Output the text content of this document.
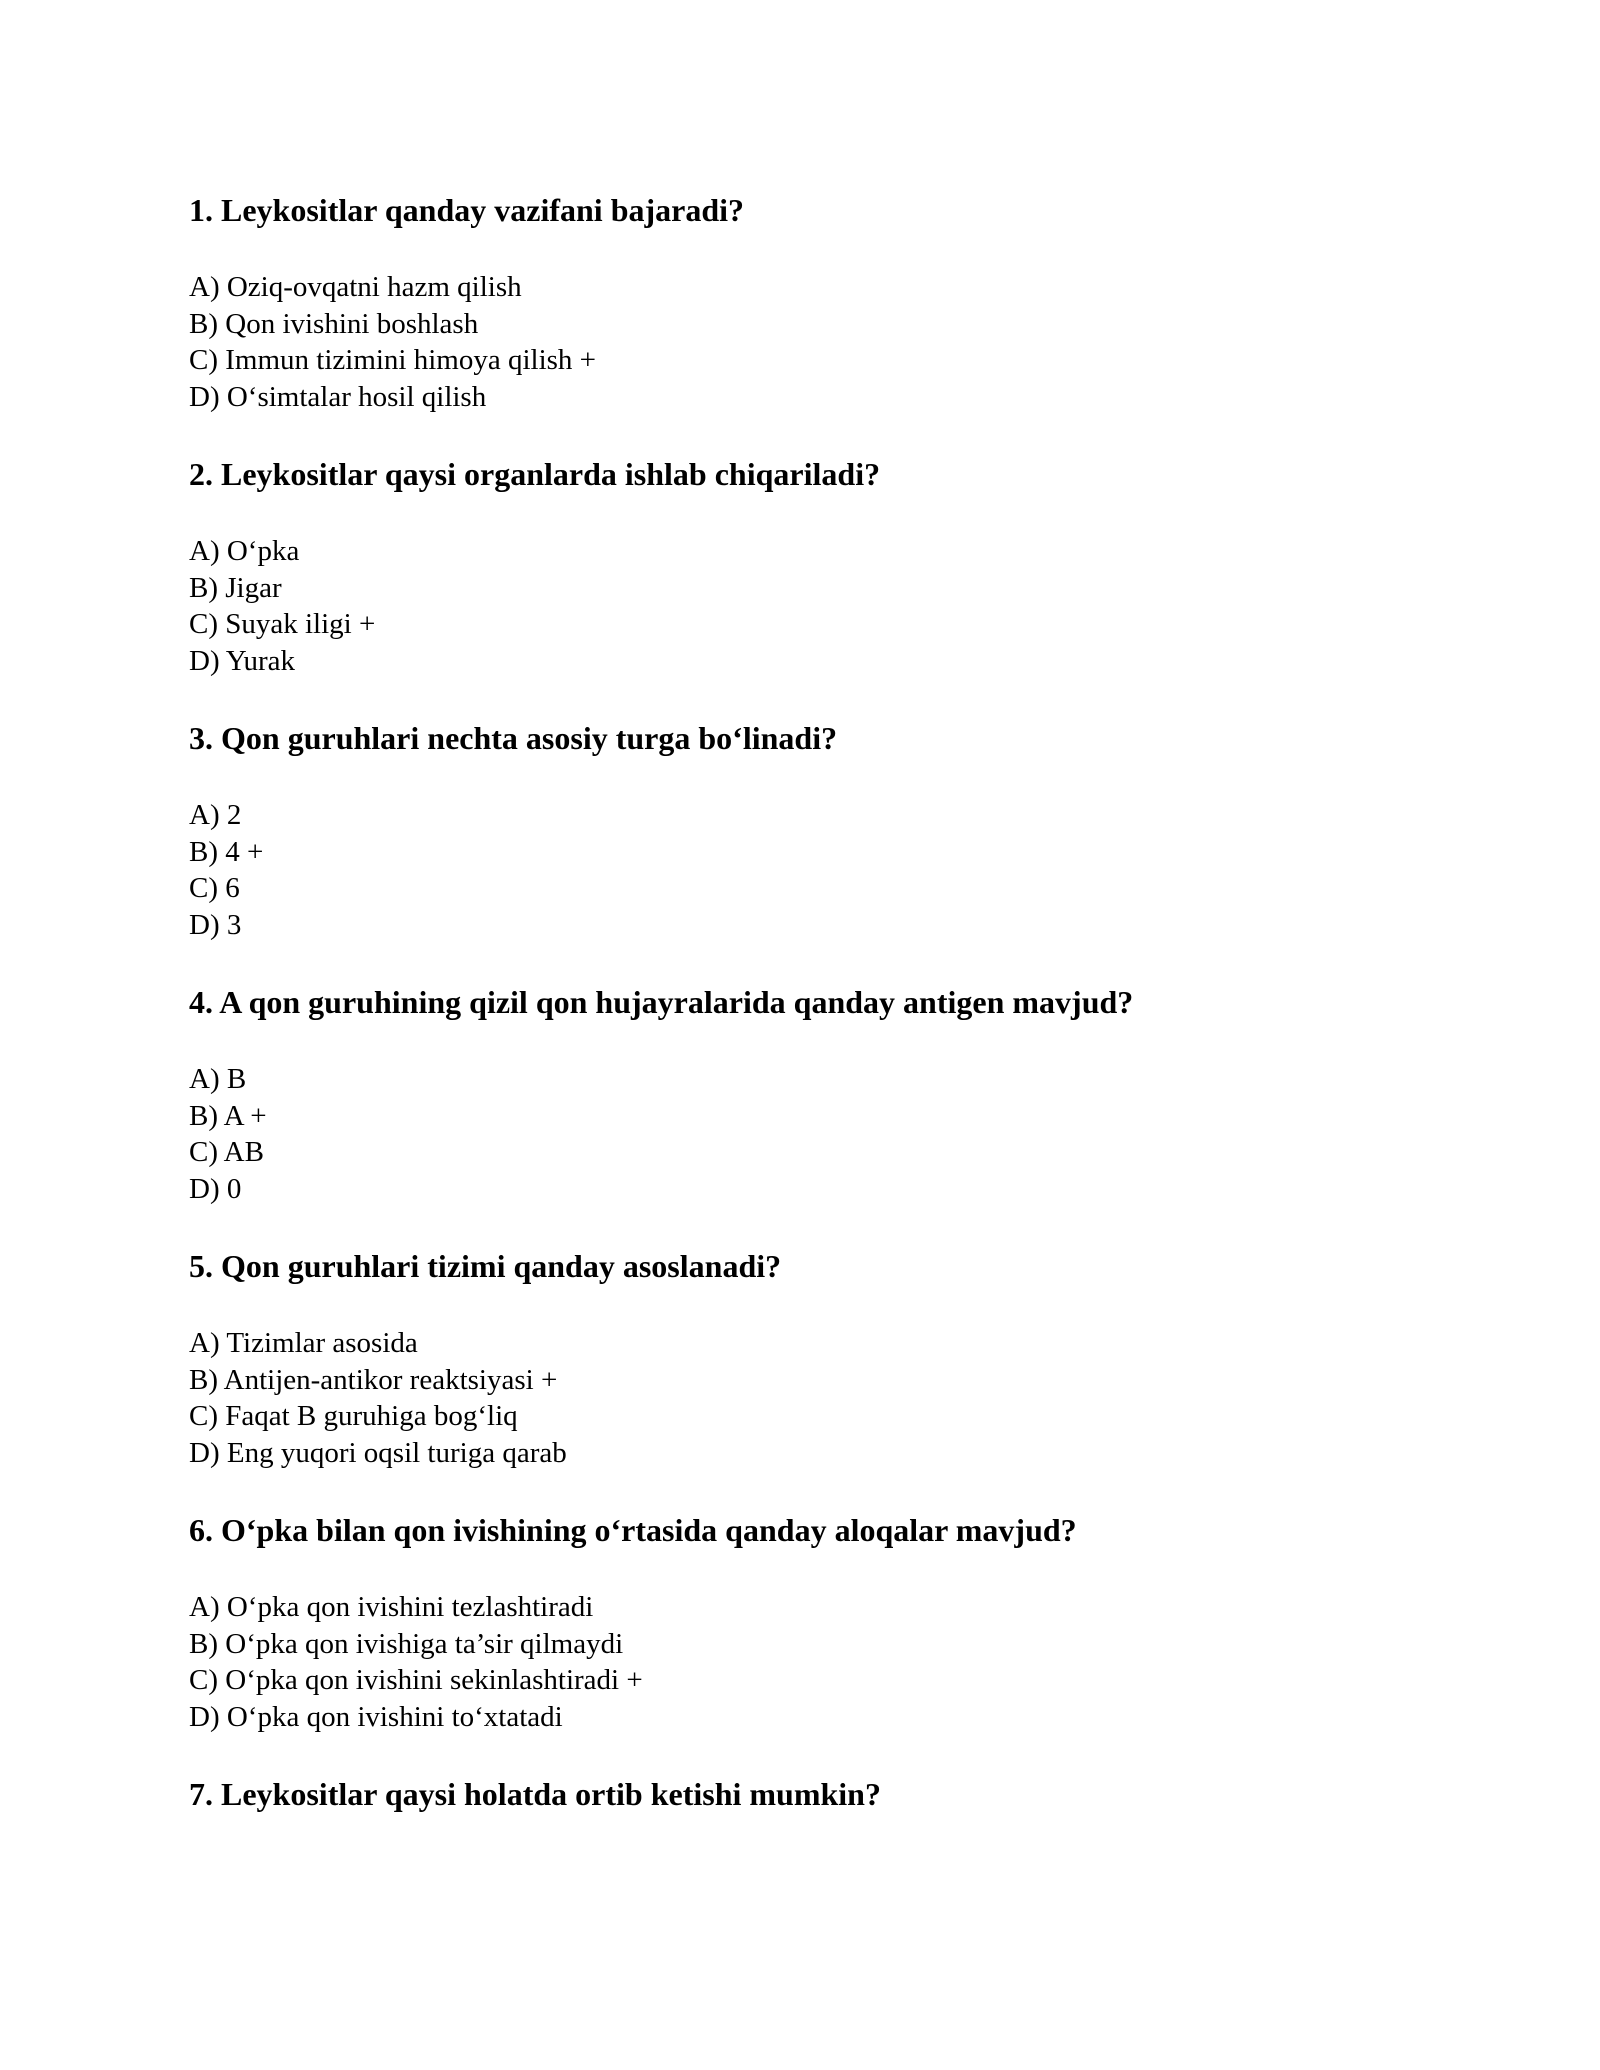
1. Leykositlar qanday vazifani bajaradi?
A) Oziq-ovqatni hazm qilish
B) Qon ivishini boshlash
C) Immun tizimini himoya qilish +
D) O‘simtalar hosil qilish
2. Leykositlar qaysi organlarda ishlab chiqariladi?
A) O‘pka
B) Jigar
C) Suyak iligi +
D) Yurak
3. Qon guruhlari nechta asosiy turga bo‘linadi?
A) 2
B) 4 +
C) 6
D) 3
4. A qon guruhining qizil qon hujayralarida qanday antigen mavjud?
A) B
B) A +
C) AB
D) 0
5. Qon guruhlari tizimi qanday asoslanadi?
A) Tizimlar asosida
B) Antijen-antikor reaktsiyasi +
C) Faqat B guruhiga bog‘liq
D) Eng yuqori oqsil turiga qarab
6. O‘pka bilan qon ivishining o‘rtasida qanday aloqalar mavjud?
A) O‘pka qon ivishini tezlashtiradi
B) O‘pka qon ivishiga ta’sir qilmaydi
C) O‘pka qon ivishini sekinlashtiradi +
D) O‘pka qon ivishini to‘xtatadi
7. Leykositlar qaysi holatda ortib ketishi mumkin?
